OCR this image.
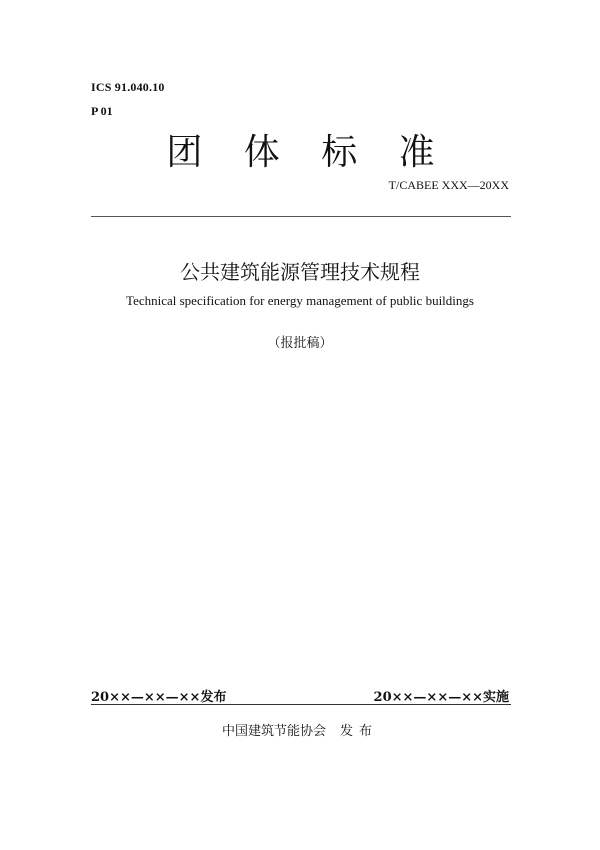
ICS 91.040.10
P 01
团 体 标 准
T/CABEE XXX—20XX
公共建筑能源管理技术规程
Technical specification for energy management of public buildings
（报批稿）
20××—××—××发布	20××—××—××实施
中国建筑节能协会 发布
